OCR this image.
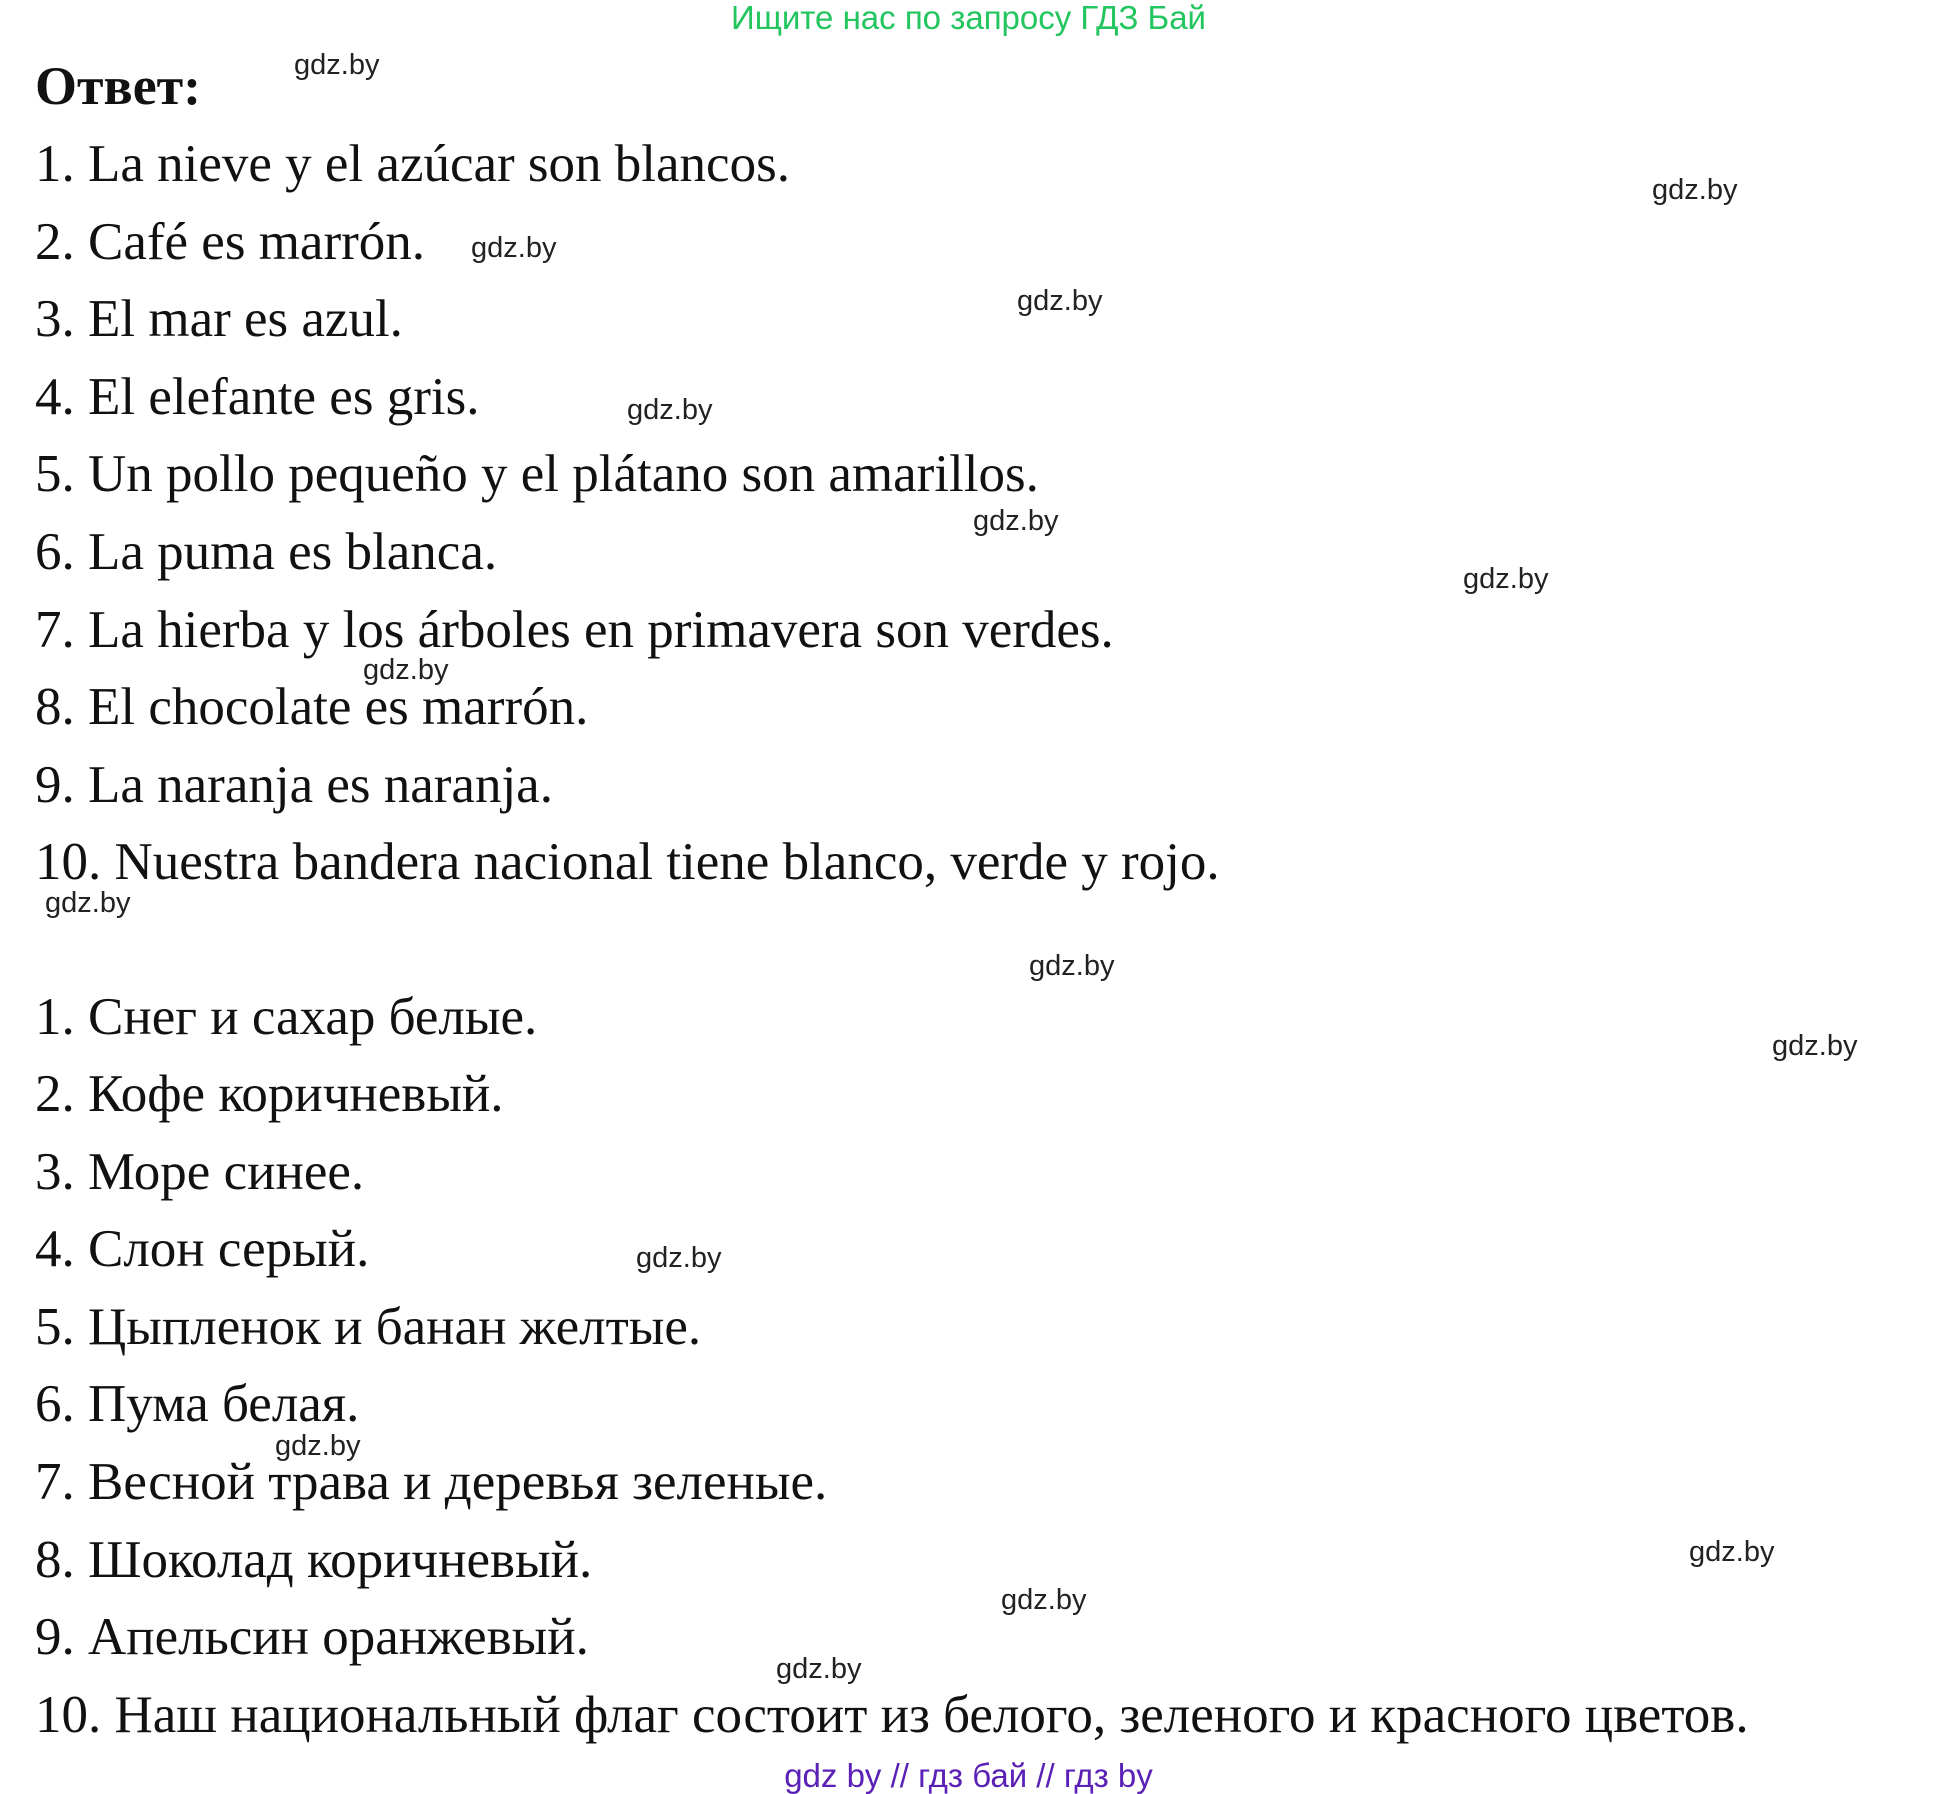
Ищите нас по запросу ГДЗ Бай
Ответ:
1. La nieve y el azúcar son blancos.
2. Café es marrón.
3. El mar es azul.
4. El elefante es gris.
5. Un pollo pequeño y el plátano son amarillos.
6. La puma es blanca.
7. La hierba y los árboles en primavera son verdes.
8. El chocolate es marrón.
9. La naranja es naranja.
10. Nuestra bandera nacional tiene blanco, verde y rojo.
1. Снег и сахар белые.
2. Кофе коричневый.
3. Море синее.
4. Слон серый.
5. Цыпленок и банан желтые.
6. Пума белая.
7. Весной трава и деревья зеленые.
8. Шоколад коричневый.
9. Апельсин оранжевый.
10. Наш национальный флаг состоит из белого, зеленого и красного цветов.
gdz.by
gdz.by
gdz.by
gdz.by
gdz.by
gdz.by
gdz.by
gdz.by
gdz.by
gdz.by
gdz.by
gdz.by
gdz.by
gdz.by
gdz.by
gdz.by
gdz by // гдз бай // гдз by
